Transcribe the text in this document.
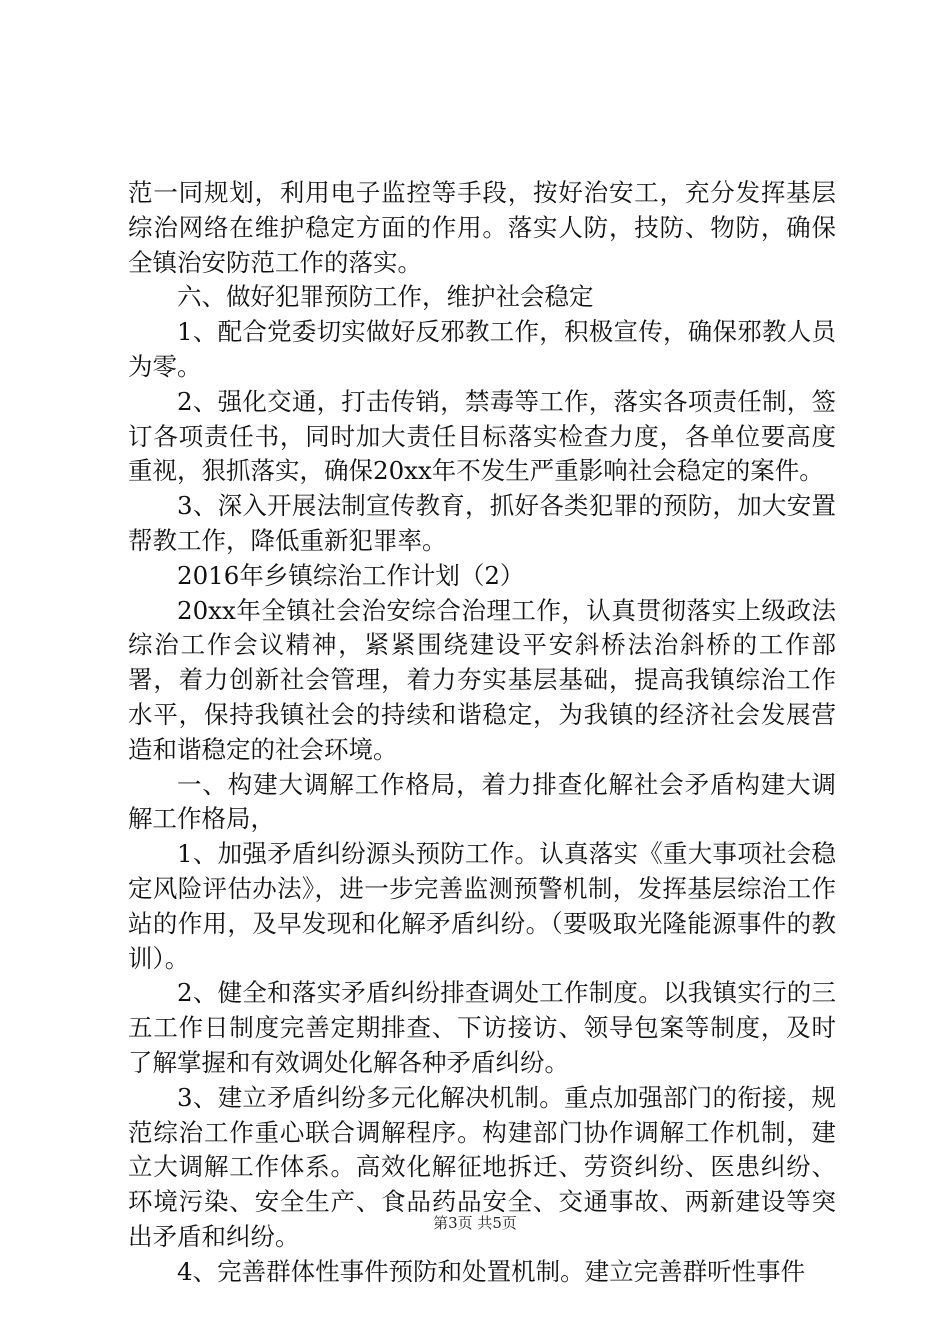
范一同规划，利用电子监控等手段，按好治安工，充分发挥基层综治网络在维护稳定方面的作用。落实人防，技防、物防，确保全镇治安防范工作的落实。

六、做好犯罪预防工作，维护社会稳定

1、配合党委切实做好反邪教工作，积极宣传，确保邪教人员为零。

2、强化交通，打击传销，禁毒等工作，落实各项责任制，签订各项责任书，同时加大责任目标落实检查力度，各单位要高度重视，狠抓落实，确保20xx年不发生严重影响社会稳定的案件。

3、深入开展法制宣传教育，抓好各类犯罪的预防，加大安置帮教工作，降低重新犯罪率。

2016年乡镇综治工作计划（2）

20xx年全镇社会治安综合治理工作，认真贯彻落实上级政法综治工作会议精神，紧紧围绕建设平安斜桥法治斜桥的工作部署，着力创新社会管理，着力夯实基层基础，提高我镇综治工作水平，保持我镇社会的持续和谐稳定，为我镇的经济社会发展营造和谐稳定的社会环境。

一、构建大调解工作格局，着力排查化解社会矛盾构建大调解工作格局，

1、加强矛盾纠纷源头预防工作。认真落实《重大事项社会稳定风险评估办法》，进一步完善监测预警机制，发挥基层综治工作站的作用，及早发现和化解矛盾纠纷。（要吸取光隆能源事件的教训）。

2、健全和落实矛盾纠纷排查调处工作制度。以我镇实行的三五工作日制度完善定期排查、下访接访、领导包案等制度，及时了解掌握和有效调处化解各种矛盾纠纷。

3、建立矛盾纠纷多元化解决机制。重点加强部门的衔接，规范综治工作重心联合调解程序。构建部门协作调解工作机制，建立大调解工作体系。高效化解征地拆迁、劳资纠纷、医患纠纷、环境污染、安全生产、食品药品安全、交通事故、两新建设等突出矛盾和纠纷。

4、完善群体性事件预防和处置机制。建立完善群听性事件

第3页 共5页
